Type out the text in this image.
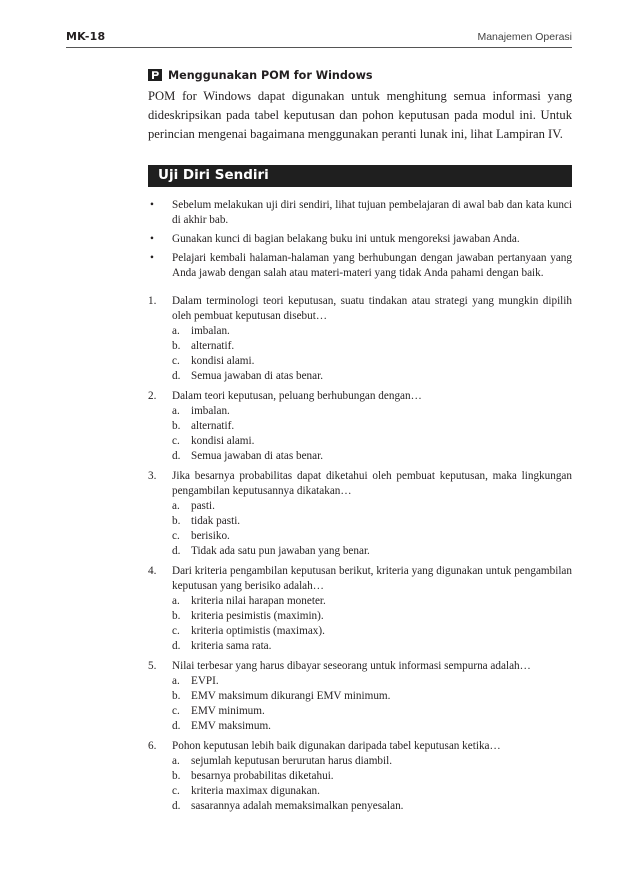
MK-18	Manajemen Operasi
Menggunakan POM for Windows
POM for Windows dapat digunakan untuk menghitung semua informasi yang dideskripsikan pada tabel keputusan dan pohon keputusan pada modul ini. Untuk perincian mengenai bagaimana menggunakan peranti lunak ini, lihat Lampiran IV.
Uji Diri Sendiri
• Sebelum melakukan uji diri sendiri, lihat tujuan pembelajaran di awal bab dan kata kunci di akhir bab.
• Gunakan kunci di bagian belakang buku ini untuk mengoreksi jawaban Anda.
• Pelajari kembali halaman-halaman yang berhubungan dengan jawaban pertanyaan yang Anda jawab dengan salah atau materi-materi yang tidak Anda pahami dengan baik.
1. Dalam terminologi teori keputusan, suatu tindakan atau strategi yang mungkin dipilih oleh pembuat keputusan disebut…
a. imbalan.
b. alternatif.
c. kondisi alami.
d. Semua jawaban di atas benar.
2. Dalam teori keputusan, peluang berhubungan dengan…
a. imbalan.
b. alternatif.
c. kondisi alami.
d. Semua jawaban di atas benar.
3. Jika besarnya probabilitas dapat diketahui oleh pembuat keputusan, maka lingkungan pengambilan keputusannya dikatakan…
a. pasti.
b. tidak pasti.
c. berisiko.
d. Tidak ada satu pun jawaban yang benar.
4. Dari kriteria pengambilan keputusan berikut, kriteria yang digunakan untuk pengambilan keputusan yang berisiko adalah…
a. kriteria nilai harapan moneter.
b. kriteria pesimistis (maximin).
c. kriteria optimistis (maximax).
d. kriteria sama rata.
5. Nilai terbesar yang harus dibayar seseorang untuk informasi sempurna adalah…
a. EVPI.
b. EMV maksimum dikurangi EMV minimum.
c. EMV minimum.
d. EMV maksimum.
6. Pohon keputusan lebih baik digunakan daripada tabel keputusan ketika…
a. sejumlah keputusan berurutan harus diambil.
b. besarnya probabilitas diketahui.
c. kriteria maximax digunakan.
d. sasarannya adalah memaksimalkan penyesalan.
